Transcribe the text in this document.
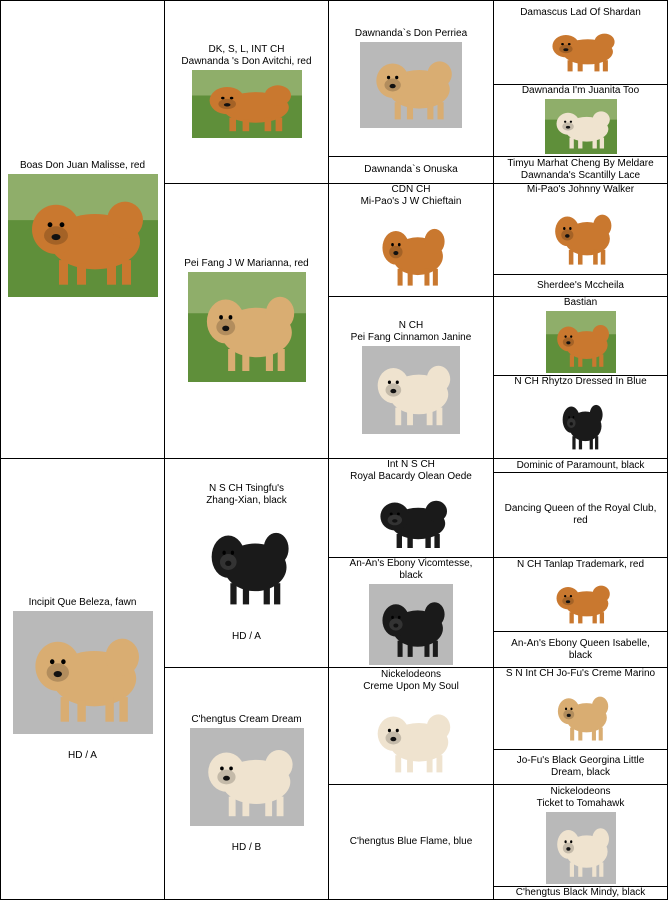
Boas Don Juan Malisse, red
Incipit Que Beleza, fawn
HD / A
DK, S, L, INT CH
Dawnanda 's Don Avitchi, red
Pei Fang J W Marianna, red
N S CH Tsingfu's
Zhang-Xian, black
HD / A
C'hengtus Cream Dream
HD / B
Dawnanda`s Don Perriea
Dawnanda`s Onuska
CDN CH
Mi-Pao's J W Chieftain
N CH
Pei Fang Cinnamon Janine
Int N S CH
Royal Bacardy Olean Oede
An-An's Ebony Vicomtesse,
black
Nickelodeons
Creme Upon My Soul
C'hengtus Blue Flame, blue
Damascus Lad Of Shardan
Dawnanda I'm Juanita Too
Timyu Marhat Cheng By Meldare
Dawnanda's Scantilly Lace
Mi-Pao's Johnny Walker
Sherdee's Mccheila
Bastian
N CH Rhytzo Dressed In Blue
Dominic of Paramount, black
Dancing Queen of the Royal Club,
red
N CH Tanlap Trademark, red
An-An's Ebony Queen Isabelle,
black
S N Int CH Jo-Fu's Creme Marino
Jo-Fu's Black Georgina Little
Dream, black
Nickelodeons
Ticket to Tomahawk
C'hengtus Black Mindy, black
